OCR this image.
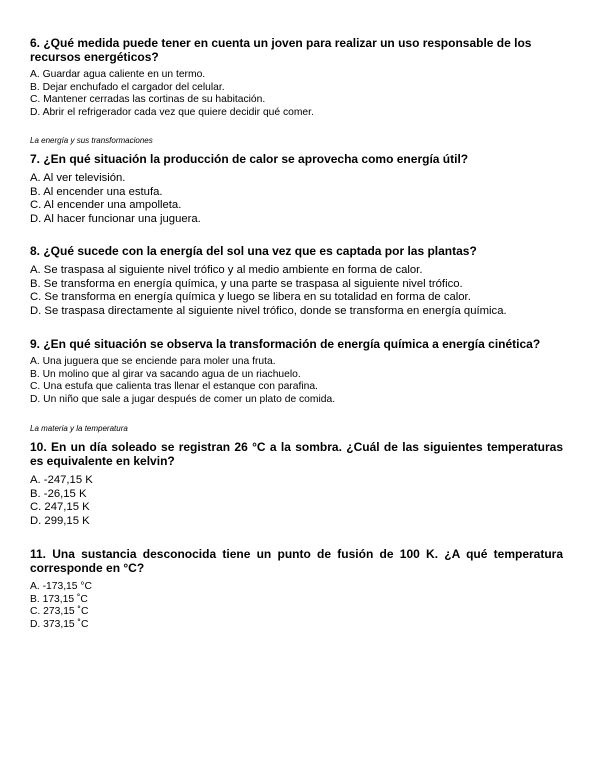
6. ¿Qué medida puede tener en cuenta un joven para realizar un uso responsable de los recursos energéticos?

A. Guardar agua caliente en un termo.
B. Dejar enchufado el cargador del celular.
C. Mantener cerradas las cortinas de su habitación.
D. Abrir el refrigerador cada vez que quiere decidir qué comer.
La energía y sus transformaciones

7. ¿En qué situación la producción de calor se aprovecha como energía útil?

A. Al ver televisión.
B. Al encender una estufa.
C. Al encender una ampolleta.
D. Al hacer funcionar una juguera.

8. ¿Qué sucede con la energía del sol una vez que es captada por las plantas?

A. Se traspasa al siguiente nivel trófico y al medio ambiente en forma de calor.
B. Se transforma en energía química, y una parte se traspasa al siguiente nivel trófico.
C. Se transforma en energía química y luego se libera en su totalidad en forma de calor.
D. Se traspasa directamente al siguiente nivel trófico, donde se transforma en energía química.

9. ¿En qué situación se observa la transformación de energía química a energía cinética?

A. Una juguera que se enciende para moler una fruta.
B. Un molino que al girar va sacando agua de un riachuelo.
C. Una estufa que calienta tras llenar el estanque con parafina.
D. Un niño que sale a jugar después de comer un plato de comida.
La materia y la temperatura

10. En un día soleado se registran 26 °C a la sombra. ¿Cuál de las siguientes temperaturas es equivalente en kelvin?

A. -247,15 K
B. -26,15 K
C. 247,15 K
D. 299,15 K

11. Una sustancia desconocida tiene un punto de fusión de 100 K. ¿A qué temperatura corresponde en °C?

A. -173,15 °C
B. 173,15 ˚C
C. 273,15 ˚C
D. 373,15 ˚C
